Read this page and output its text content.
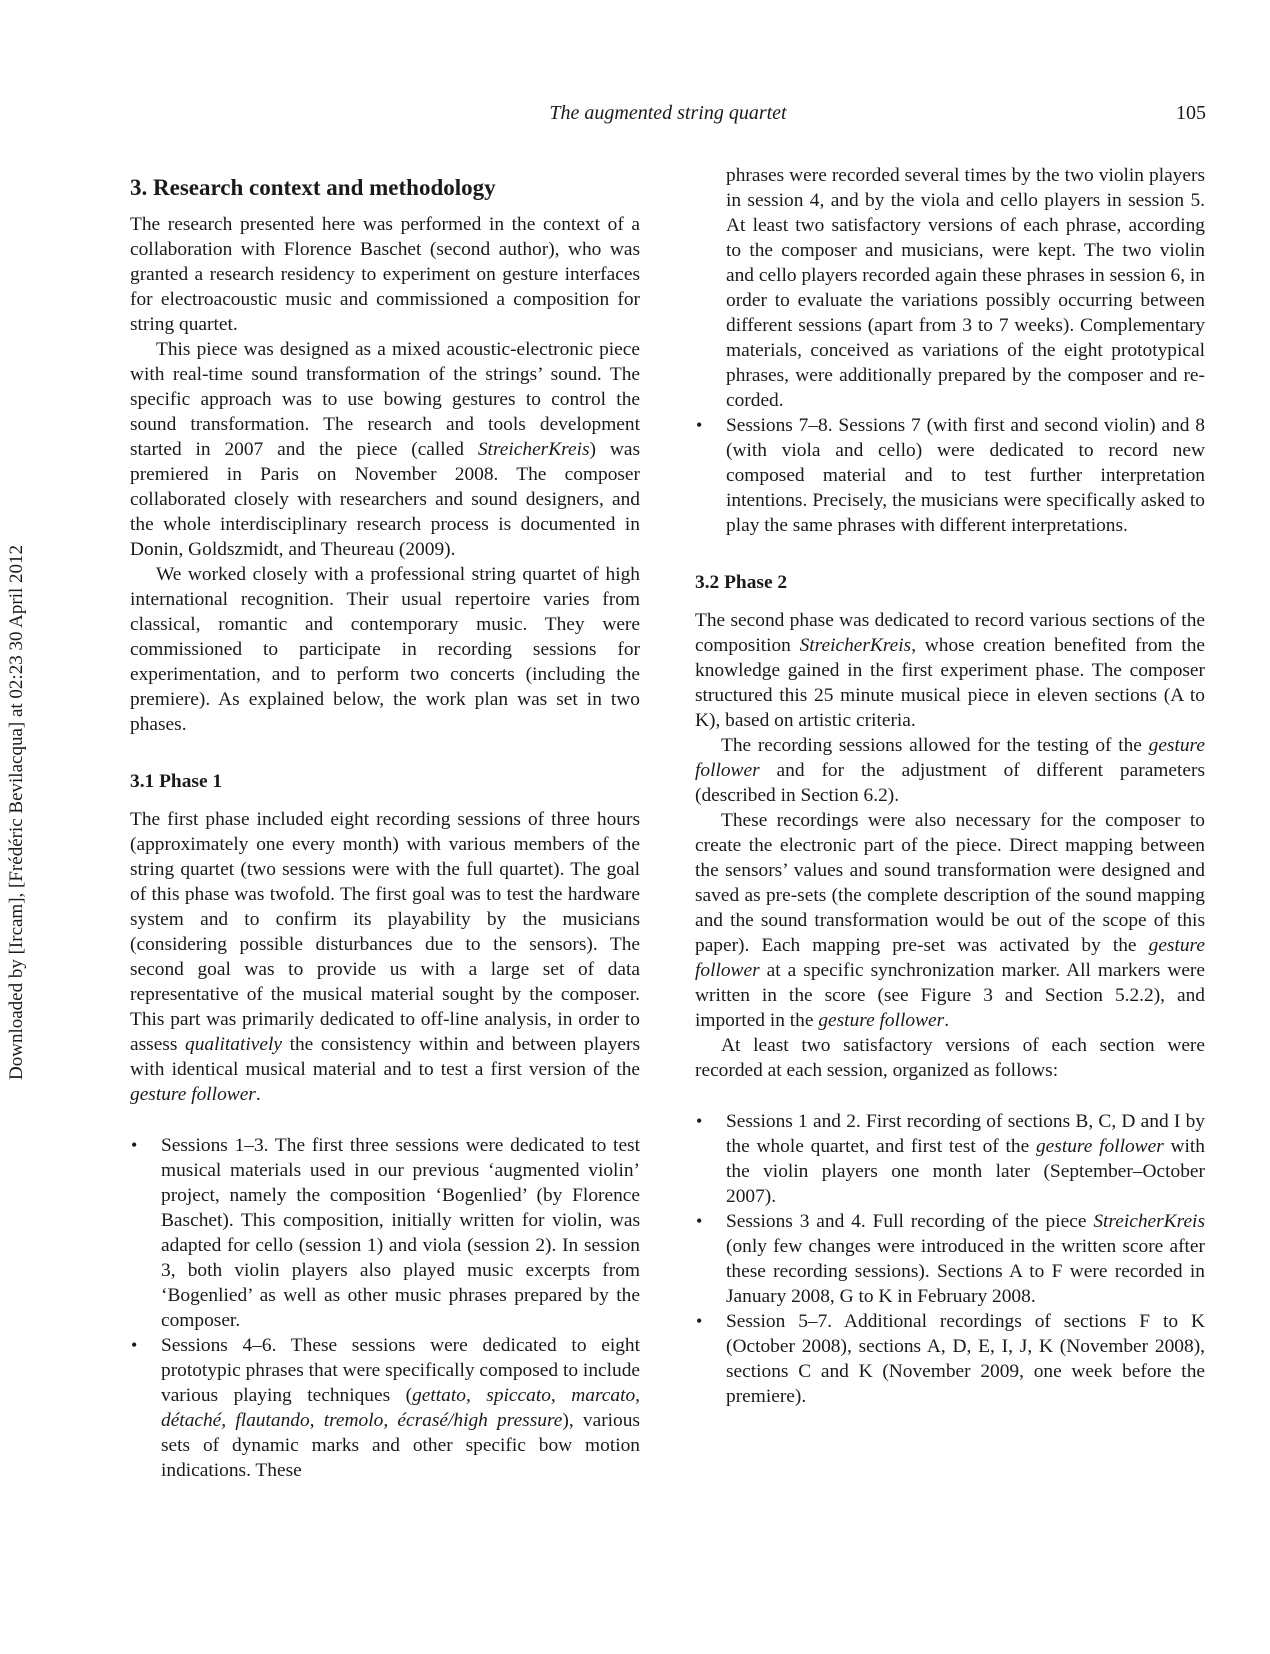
The augmented string quartet	105
Downloaded by [Ircam], [Frédéric Bevilacqua] at 02:23 30 April 2012
3. Research context and methodology

The research presented here was performed in the context of a collaboration with Florence Baschet (second author), who was granted a research residency to experiment on gesture interfaces for electroacoustic music and commissioned a composition for string quartet.

This piece was designed as a mixed acoustic-electronic piece with real-time sound transformation of the strings’ sound. The specific approach was to use bowing gestures to control the sound transformation. The research and tools development started in 2007 and the piece (called StreicherKreis) was premiered in Paris on November 2008. The composer collaborated closely with researchers and sound designers, and the whole interdisciplinary research process is documented in Donin, Goldszmidt, and Theureau (2009).

We worked closely with a professional string quartet of high international recognition. Their usual repertoire varies from classical, romantic and contemporary music. They were commissioned to participate in recording sessions for experimentation, and to perform two concerts (including the premiere). As explained below, the work plan was set in two phases.

3.1 Phase 1

The first phase included eight recording sessions of three hours (approximately one every month) with various members of the string quartet (two sessions were with the full quartet). The goal of this phase was twofold. The first goal was to test the hardware system and to confirm its playability by the musicians (considering possible disturbances due to the sensors). The second goal was to provide us with a large set of data representative of the musical material sought by the composer. This part was primarily dedicated to off-line analysis, in order to assess qualitatively the consistency within and between players with identical musical material and to test a first version of the gesture follower.

• Sessions 1–3. The first three sessions were dedicated to test musical materials used in our previous ‘augmented violin’ project, namely the composition ‘Bogenlied’ (by Florence Baschet). This composition, initially written for violin, was adapted for cello (session 1) and viola (session 2). In session 3, both violin players also played music excerpts from ‘Bogenlied’ as well as other music phrases prepared by the composer.
• Sessions 4–6. These sessions were dedicated to eight prototypic phrases that were specifically composed to include various playing techniques (gettato, spiccato, marcato, détaché, flautando, tremolo, écrasé/high pressure), various sets of dynamic marks and other specific bow motion indications. These

phrases were recorded several times by the two violin players in session 4, and by the viola and cello players in session 5. At least two satisfactory versions of each phrase, according to the composer and musicians, were kept. The two violin and cello players recorded again these phrases in session 6, in order to evaluate the variations possibly occurring between different sessions (apart from 3 to 7 weeks). Complementary materials, conceived as variations of the eight prototypical phrases, were additionally prepared by the composer and re-corded.

• Sessions 7–8. Sessions 7 (with first and second violin) and 8 (with viola and cello) were dedicated to record new composed material and to test further interpretation intentions. Precisely, the musicians were specifically asked to play the same phrases with different interpretations.
3.2 Phase 2

The second phase was dedicated to record various sections of the composition StreicherKreis, whose creation benefited from the knowledge gained in the first experiment phase. The composer structured this 25 minute musical piece in eleven sections (A to K), based on artistic criteria.

The recording sessions allowed for the testing of the gesture follower and for the adjustment of different parameters (described in Section 6.2).

These recordings were also necessary for the composer to create the electronic part of the piece. Direct mapping between the sensors’ values and sound transformation were designed and saved as pre-sets (the complete description of the sound mapping and the sound transformation would be out of the scope of this paper). Each mapping pre-set was activated by the gesture follower at a specific synchronization marker. All markers were written in the score (see Figure 3 and Section 5.2.2), and imported in the gesture follower.

At least two satisfactory versions of each section were recorded at each session, organized as follows:

• Sessions 1 and 2. First recording of sections B, C, D and I by the whole quartet, and first test of the gesture follower with the violin players one month later (September–October 2007).
• Sessions 3 and 4. Full recording of the piece StreicherKreis (only few changes were introduced in the written score after these recording sessions). Sections A to F were recorded in January 2008, G to K in February 2008.
• Session 5–7. Additional recordings of sections F to K (October 2008), sections A, D, E, I, J, K (November 2008), sections C and K (November 2009, one week before the premiere).
